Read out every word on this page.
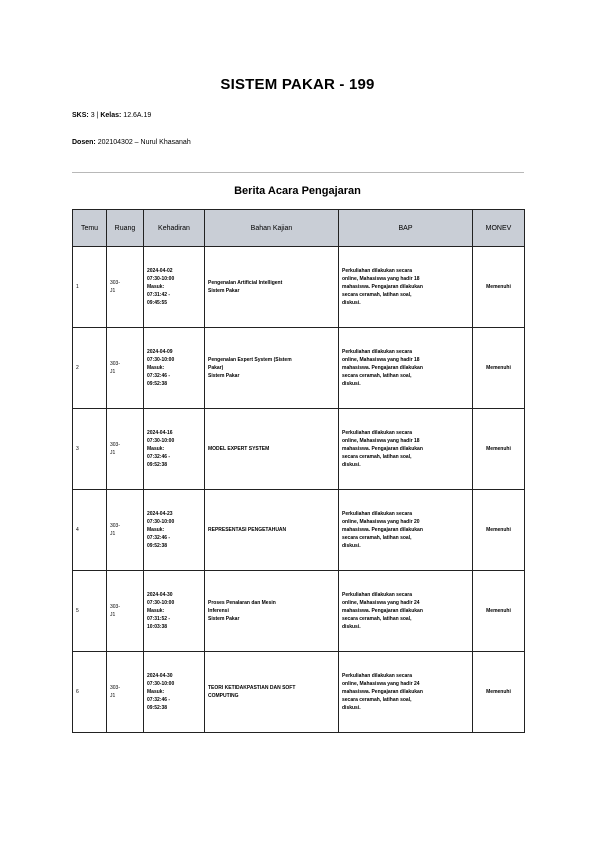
SISTEM PAKAR - 199
SKS: 3 | Kelas: 12.6A.19
Dosen: 202104302 – Nurul Khasanah
Berita Acara Pengajaran
Temu	Ruang	Kehadiran	Bahan Kajian	BAP	MONEV
1	303-
J1	2024-04-02
07:30-10:00
Masuk:
07:31:42 -
09:45:55	Pengenalan Artificial Intelligent
Sistem Pakar	Perkuliahan dilakukan secara
online, Mahasiswa yang hadir 18
mahasiswa. Pengajaran dilakukan
secara ceramah, latihan soal,
diskusi.	Memenuhi
2	303-
J1	2024-04-09
07:30-10:00
Masuk:
07:32:46 -
09:52:38	Pengenalan Expert System (Sistem
Pakar)
Sistem Pakar	Perkuliahan dilakukan secara
online, Mahasiswa yang hadir 18
mahasiswa. Pengajaran dilakukan
secara ceramah, latihan soal,
diskusi.	Memenuhi
3	303-
J1	2024-04-16
07:30-10:00
Masuk:
07:32:46 -
09:52:38	MODEL EXPERT SYSTEM	Perkuliahan dilakukan secara
online, Mahasiswa yang hadir 18
mahasiswa. Pengajaran dilakukan
secara ceramah, latihan soal,
diskusi.	Memenuhi
4	303-
J1	2024-04-23
07:30-10:00
Masuk:
07:32:46 -
09:52:38	REPRESENTASI PENGETAHUAN	Perkuliahan dilakukan secara
online, Mahasiswa yang hadir 20
mahasiswa. Pengajaran dilakukan
secara ceramah, latihan soal,
diskusi.	Memenuhi
5	303-
J1	2024-04-30
07:30-10:00
Masuk:
07:31:52 -
10:03:38	Proses Penalaran dan Mesin
Inferensi
Sistem Pakar	Perkuliahan dilakukan secara
online, Mahasiswa yang hadir 24
mahasiswa. Pengajaran dilakukan
secara ceramah, latihan soal,
diskusi.	Memenuhi
6	303-
J1	2024-04-30
07:30-10:00
Masuk:
07:32:46 -
09:52:38	TEORI KETIDAKPASTIAN DAN SOFT
COMPUTING	Perkuliahan dilakukan secara
online, Mahasiswa yang hadir 24
mahasiswa. Pengajaran dilakukan
secara ceramah, latihan soal,
diskusi.	Memenuhi
